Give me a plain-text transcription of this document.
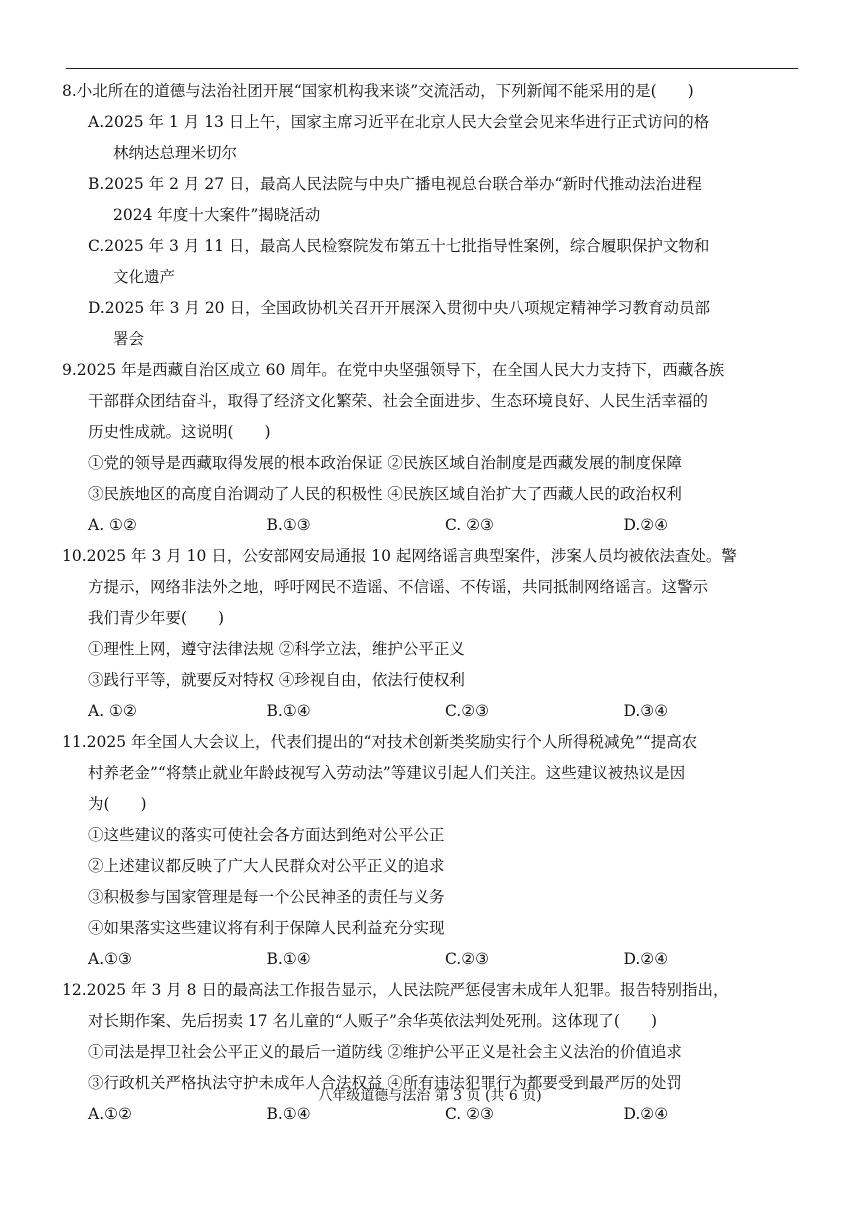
8.小北所在的道德与法治社团开展“国家机构我来谈”交流活动，下列新闻不能采用的是(　　)
A.2025 年 1 月 13 日上午，国家主席习近平在北京人民大会堂会见来华进行正式访问的格
林纳达总理米切尔
B.2025 年 2 月 27 日，最高人民法院与中央广播电视总台联合举办“新时代推动法治进程
2024 年度十大案件”揭晓活动
C.2025 年 3 月 11 日，最高人民检察院发布第五十七批指导性案例，综合履职保护文物和
文化遗产
D.2025 年 3 月 20 日，全国政协机关召开开展深入贯彻中央八项规定精神学习教育动员部
署会
9.2025 年是西藏自治区成立 60 周年。在党中央坚强领导下，在全国人民大力支持下，西藏各族
干部群众团结奋斗，取得了经济文化繁荣、社会全面进步、生态环境良好、人民生活幸福的
历史性成就。这说明(　　)
①党的领导是西藏取得发展的根本政治保证 ②民族区域自治制度是西藏发展的制度保障
③民族地区的高度自治调动了人民的积极性 ④民族区域自治扩大了西藏人民的政治权利
A. ①②	B.①③	C. ②③	D.②④
10.2025 年 3 月 10 日，公安部网安局通报 10 起网络谣言典型案件，涉案人员均被依法查处。警
方提示，网络非法外之地，呼吁网民不造谣、不信谣、不传谣，共同抵制网络谣言。这警示
我们青少年要(　　)
①理性上网，遵守法律法规 ②科学立法，维护公平正义
③践行平等，就要反对特权 ④珍视自由，依法行使权利
A. ①②	B.①④	C.②③	D.③④
11.2025 年全国人大会议上，代表们提出的“对技术创新类奖励实行个人所得税减免”“提高农
村养老金”“将禁止就业年龄歧视写入劳动法”等建议引起人们关注。这些建议被热议是因
为(　　)
①这些建议的落实可使社会各方面达到绝对公平公正
②上述建议都反映了广大人民群众对公平正义的追求
③积极参与国家管理是每一个公民神圣的责任与义务
④如果落实这些建议将有利于保障人民利益充分实现
A.①③	B.①④	C.②③	D.②④
12.2025 年 3 月 8 日的最高法工作报告显示，人民法院严惩侵害未成年人犯罪。报告特别指出，
对长期作案、先后拐卖 17 名儿童的“人贩子”余华英依法判处死刑。这体现了(　　)
①司法是捍卫社会公平正义的最后一道防线 ②维护公平正义是社会主义法治的价值追求
③行政机关严格执法守护未成年人合法权益 ④所有违法犯罪行为都要受到最严厉的处罚
A.①②	B.①④	C. ②③	D.②④
八年级道德与法治 第 3 页 (共 6 页)
